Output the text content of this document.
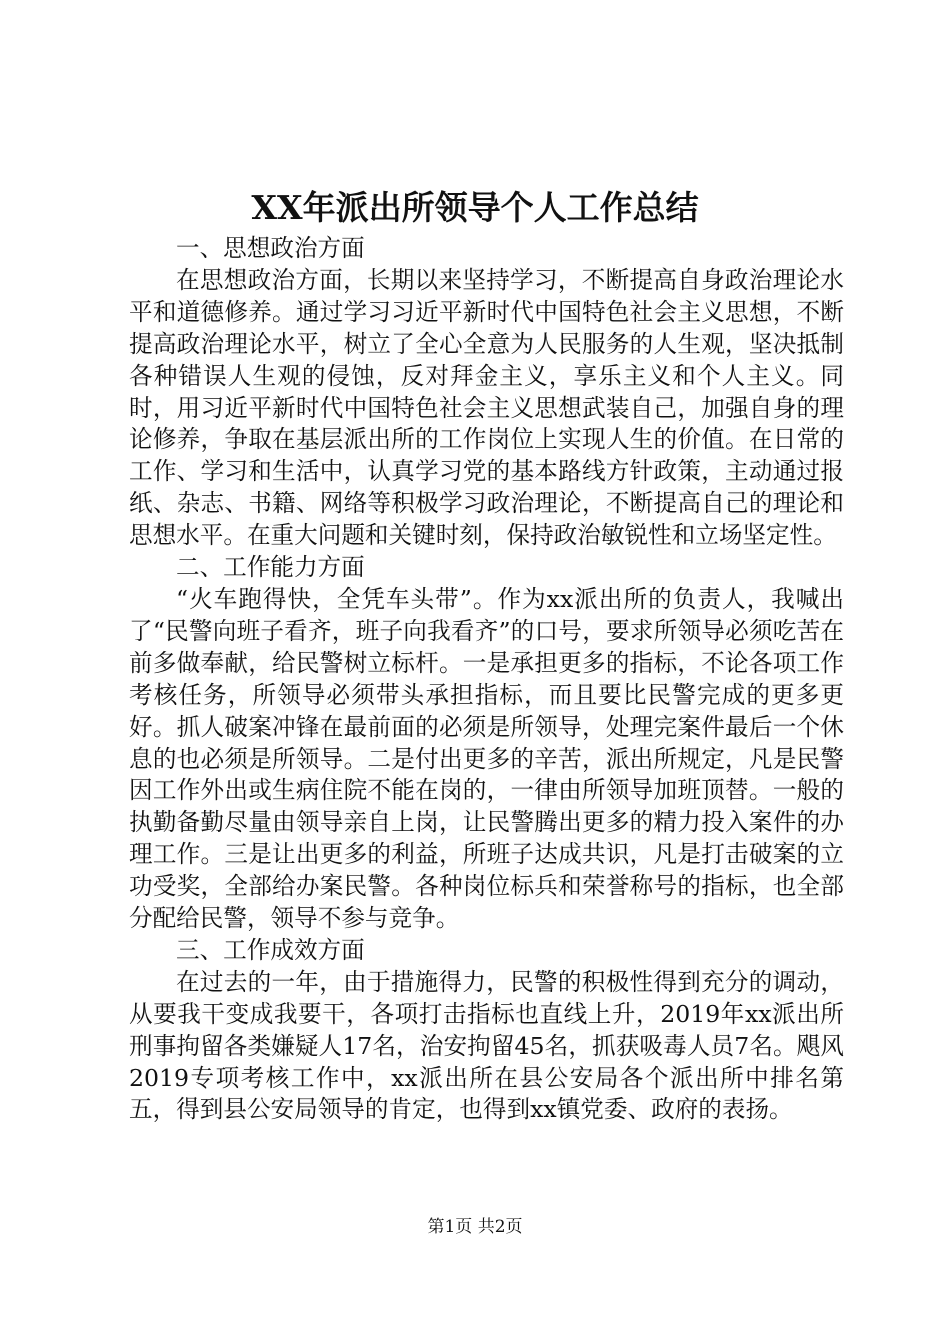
XX年派出所领导个人工作总结

一、思想政治方面

在思想政治方面，长期以来坚持学习，不断提高自身政治理论水平和道德修养。通过学习习近平新时代中国特色社会主义思想，不断提高政治理论水平，树立了全心全意为人民服务的人生观，坚决抵制各种错误人生观的侵蚀，反对拜金主义，享乐主义和个人主义。同时，用习近平新时代中国特色社会主义思想武装自己，加强自身的理论修养，争取在基层派出所的工作岗位上实现人生的价值。在日常的工作、学习和生活中，认真学习党的基本路线方针政策，主动通过报纸、杂志、书籍、网络等积极学习政治理论，不断提高自己的理论和思想水平。在重大问题和关键时刻，保持政治敏锐性和立场坚定性。

二、工作能力方面

“火车跑得快，全凭车头带”。作为xx派出所的负责人，我喊出了“民警向班子看齐，班子向我看齐”的口号，要求所领导必须吃苦在前多做奉献，给民警树立标杆。一是承担更多的指标，不论各项工作考核任务，所领导必须带头承担指标，而且要比民警完成的更多更好。抓人破案冲锋在最前面的必须是所领导，处理完案件最后一个休息的也必须是所领导。二是付出更多的辛苦，派出所规定，凡是民警因工作外出或生病住院不能在岗的，一律由所领导加班顶替。一般的执勤备勤尽量由领导亲自上岗，让民警腾出更多的精力投入案件的办理工作。三是让出更多的利益，所班子达成共识，凡是打击破案的立功受奖，全部给办案民警。各种岗位标兵和荣誉称号的指标，也全部分配给民警，领导不参与竞争。

三、工作成效方面

在过去的一年，由于措施得力，民警的积极性得到充分的调动，从要我干变成我要干，各项打击指标也直线上升，2019年xx派出所刑事拘留各类嫌疑人17名，治安拘留45名，抓获吸毒人员7名。飓风2019专项考核工作中，xx派出所在县公安局各个派出所中排名第五，得到县公安局领导的肯定，也得到xx镇党委、政府的表扬。

第1页 共2页
